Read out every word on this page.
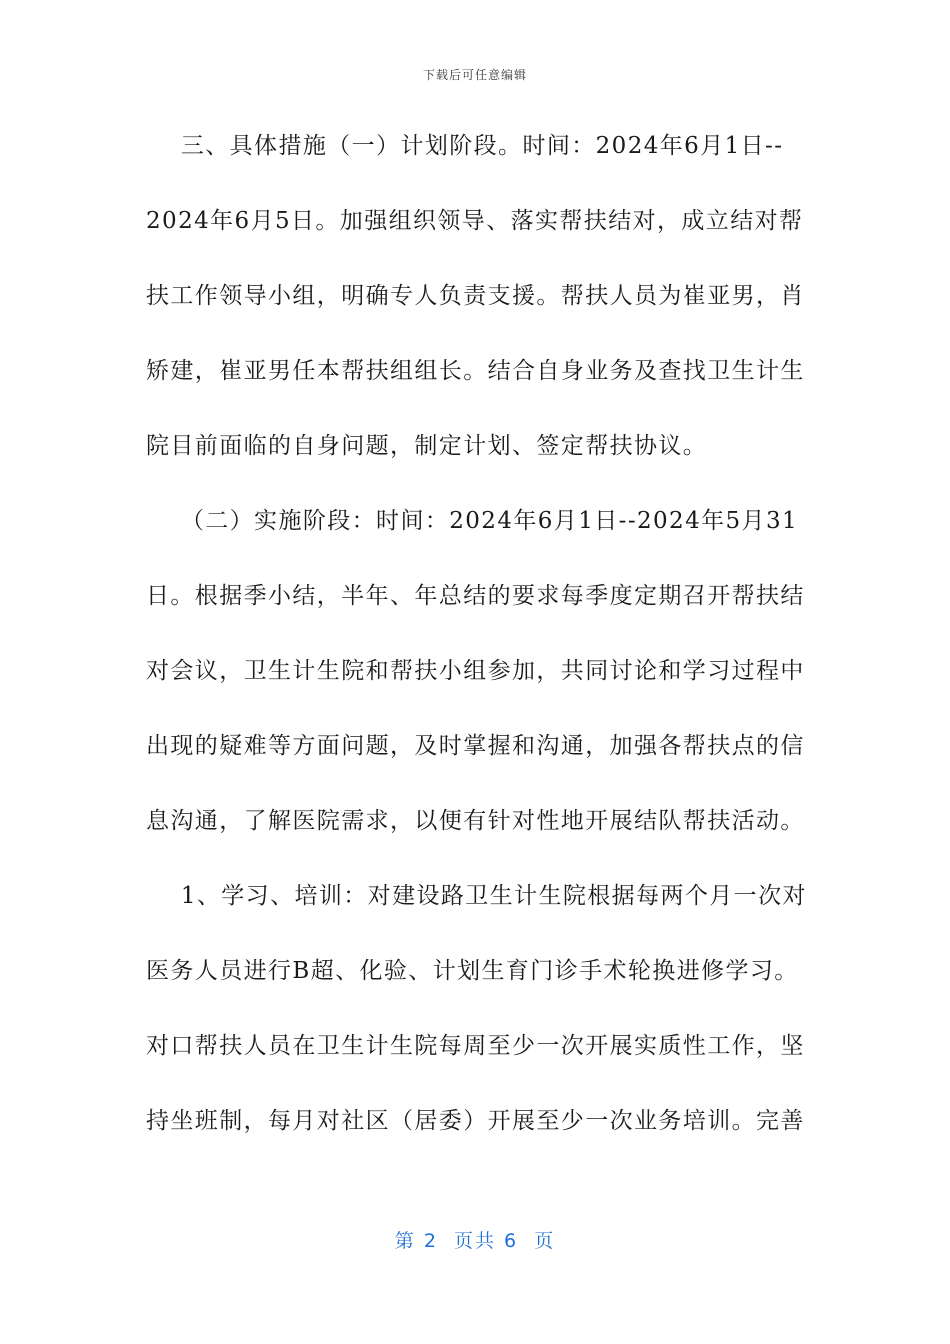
下载后可任意编辑
三、具体措施（一）计划阶段。时间：2024年6月1日--
2024年6月5日。加强组织领导、落实帮扶结对，成立结对帮
扶工作领导小组，明确专人负责支援。帮扶人员为崔亚男，肖
矫建，崔亚男任本帮扶组组长。结合自身业务及查找卫生计生
院目前面临的自身问题，制定计划、签定帮扶协议。
（二）实施阶段：时间：2024年6月1日--2024年5月31
日。根据季小结，半年、年总结的要求每季度定期召开帮扶结
对会议，卫生计生院和帮扶小组参加，共同讨论和学习过程中
出现的疑难等方面问题，及时掌握和沟通，加强各帮扶点的信
息沟通，了解医院需求，以便有针对性地开展结队帮扶活动。
1、学习、培训：对建设路卫生计生院根据每两个月一次对
医务人员进行B超、化验、计划生育门诊手术轮换进修学习。
对口帮扶人员在卫生计生院每周至少一次开展实质性工作，坚
持坐班制，每月对社区（居委）开展至少一次业务培训。完善
第 2  页共 6  页
